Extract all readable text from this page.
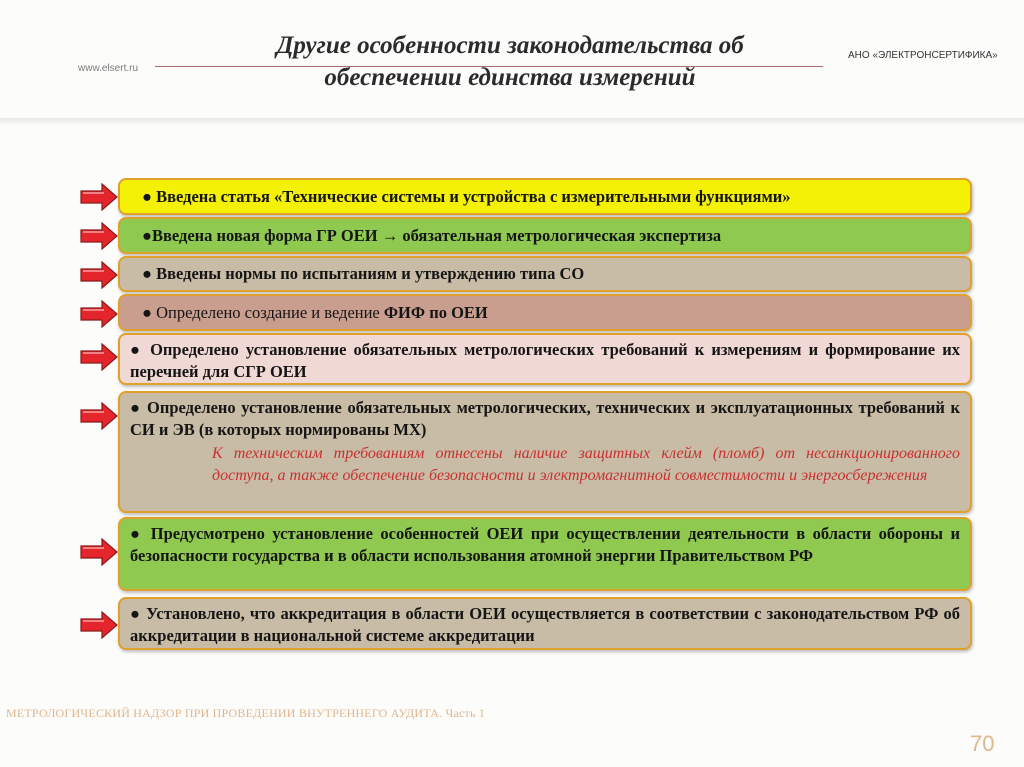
www.elsert.ru
АНО «ЭЛЕКТРОНСЕРТИФИКА»
Другие особенности законодательства об
обеспечении единства измерений
● Введена статья «Технические системы и устройства с измерительными функциями»
●Введена новая форма ГР ОЕИ → обязательная метрологическая экспертиза
● Введены нормы по испытаниям и утверждению типа СО
● Определено создание и ведение ФИФ по ОЕИ
● Определено установление обязательных метрологических требований к измерениям и формирование их перечней для СГР ОЕИ
● Определено установление обязательных метрологических, технических и эксплуатационных требований к СИ и ЭВ (в которых нормированы МХ)
К техническим требованиям отнесены наличие защитных клейм (пломб) от несанкционированного доступа, а также обеспечение безопасности и электромагнитной совместимости и энергосбережения
● Предусмотрено установление особенностей ОЕИ при осуществлении деятельности в области обороны и безопасности государства и в области использования атомной энергии Правительством РФ
● Установлено, что аккредитация в области ОЕИ осуществляется в соответствии с законодательством РФ об аккредитации в национальной системе аккредитации
МЕТРОЛОГИЧЕСКИЙ НАДЗОР ПРИ ПРОВЕДЕНИИ ВНУТРЕННЕГО АУДИТА. Часть 1
70
